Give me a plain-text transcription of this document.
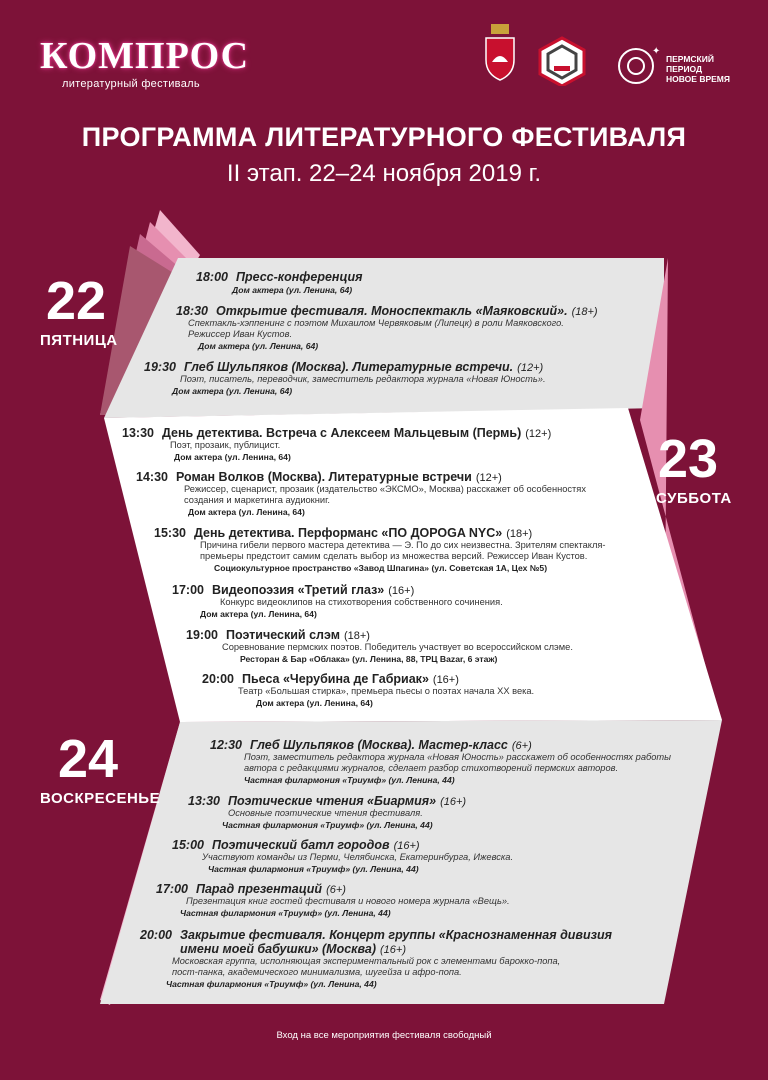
КОМПРОС
литературный фестиваль
✦
ПЕРМСКИЙ
ПЕРИОД
НОВОЕ ВРЕМЯ
ПРОГРАММА ЛИТЕРАТУРНОГО ФЕСТИВАЛЯ
II этап. 22–24 ноября 2019 г.
22
ПЯТНИЦА
23
СУББОТА
24
ВОСКРЕСЕНЬЕ
18:00 Пресс-конференция
Дом актера (ул. Ленина, 64)
18:30 Открытие фестиваля. Моноспектакль «Маяковский». (18+)
Спектакль-хэппенинг с поэтом Михаилом Червяковым (Липецк) в роли Маяковского.
Режиссер Иван Кустов.
Дом актера (ул. Ленина, 64)
19:30 Глеб Шульпяков (Москва). Литературные встречи. (12+)
Поэт, писатель, переводчик, заместитель редактора журнала «Новая Юность».
Дом актера (ул. Ленина, 64)
13:30 День детектива. Встреча с Алексеем Мальцевым (Пермь) (12+)
Поэт, прозаик, публицист.
Дом актера (ул. Ленина, 64)
14:30 Роман Волков (Москва). Литературные встречи (12+)
Режиссер, сценарист, прозаик (издательство «ЭКСМО», Москва) расскажет об особенностях
создания и маркетинга аудиокниг.
Дом актера (ул. Ленина, 64)
15:30 День детектива. Перформанс «ПО ДОРОGA NYC» (18+)
Причина гибели первого мастера детектива — Э. По до сих неизвестна. Зрителям спектакля-
премьеры предстоит самим сделать выбор из множества версий. Режиссер Иван Кустов.
Социокультурное пространство «Завод Шпагина» (ул. Советская 1А, Цех №5)
17:00 Видеопоэзия «Третий глаз» (16+)
Конкурс видеоклипов на стихотворения собственного сочинения.
Дом актера (ул. Ленина, 64)
19:00 Поэтический слэм (18+)
Соревнование пермских поэтов. Победитель участвует во всероссийском слэме.
Ресторан & Бар «Облака» (ул. Ленина, 88, ТРЦ Bazar, 6 этаж)
20:00 Пьеса «Черубина де Габриак» (16+)
Театр «Большая стирка», премьера пьесы о поэтах начала XX века.
Дом актера (ул. Ленина, 64)
12:30 Глеб Шульпяков (Москва). Мастер-класс (6+)
Поэт, заместитель редактора журнала «Новая Юность» расскажет об особенностях работы
автора с редакциями журналов, сделает разбор стихотворений пермских авторов.
Частная филармония «Триумф» (ул. Ленина, 44)
13:30 Поэтические чтения «Биармия» (16+)
Основные поэтические чтения фестиваля.
Частная филармония «Триумф» (ул. Ленина, 44)
15:00 Поэтический батл городов (16+)
Участвуют команды из Перми, Челябинска, Екатеринбурга, Ижевска.
Частная филармония «Триумф» (ул. Ленина, 44)
17:00 Парад презентаций (6+)
Презентация книг гостей фестиваля и нового номера журнала «Вещь».
Частная филармония «Триумф» (ул. Ленина, 44)
20:00 Закрытие фестиваля. Концерт группы «Краснознаменная дивизия
имени моей бабушки» (Москва) (16+)
Московская группа, исполняющая экспериментальный рок с элементами барокко-попа,
пост-панка, академического минимализма, шугейза и афро-попа.
Частная филармония «Триумф» (ул. Ленина, 44)
Вход на все мероприятия фестиваля свободный
